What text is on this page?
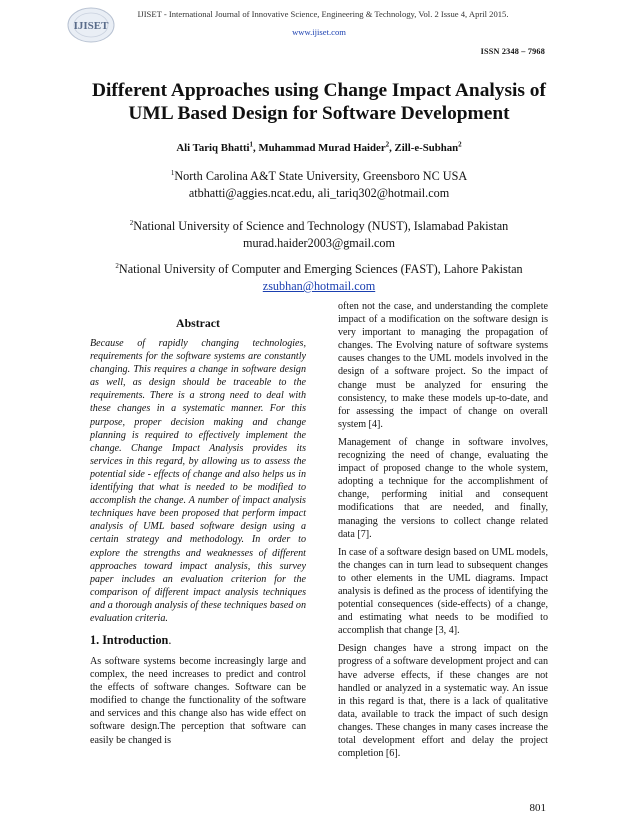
IJISET
IJISET - International Journal of Innovative Science, Engineering & Technology, Vol. 2 Issue 4, April 2015.
www.ijiset.com
ISSN 2348 – 7968
Different Approaches using Change Impact Analysis of
UML Based Design for Software Development
Ali Tariq Bhatti$^1$, Muhammad Murad Haider$^2$, Zill-e-Subhan$^2$
$^1$North Carolina A&T State University, Greensboro NC USA
atbhatti@aggies.ncat.edu, ali_tariq302@hotmail.com
$^2$National University of Science and Technology (NUST), Islamabad Pakistan
murad.haider2003@gmail.com
$^2$National University of Computer and Emerging Sciences (FAST), Lahore Pakistan
zsubhan@hotmail.com
Abstract

Because of rapidly changing technologies, requirements for the software systems are constantly changing. This requires a change in software design as well, as design should be traceable to the requirements. There is a strong need to deal with these changes in a systematic manner. For this purpose, proper decision making and change planning is required to effectively implement the change. Change Impact Analysis provides its services in this regard, by allowing us to assess the potential side - effects of change and also helps us in identifying that what is needed to be modified to accomplish the change. A number of impact analysis techniques have been proposed that perform impact analysis of UML based software design using a certain strategy and methodology. In order to explore the strengths and weaknesses of different approaches toward impact analysis, this survey paper includes an evaluation criterion for the comparison of different impact analysis techniques and a thorough analysis of these techniques based on evaluation criteria.

1. Introduction.

As software systems become increasingly large and complex, the need increases to predict and control the effects of software changes. Software can be modified to change the functionality of the software and services and this change also has wide effect on software design.The perception that software can easily be changed is

often not the case, and understanding the complete impact of a modification on the software design is very important to managing the propagation of changes. The Evolving nature of software systems causes changes to the UML models involved in the design of a software project. So the impact of change must be analyzed for ensuring the consistency, to make these models up-to-date, and for assessing the impact of change on overall system [4].

Management of change in software involves, recognizing the need of change, evaluating the impact of proposed change to the whole system, adopting a technique for the accomplishment of change, performing initial and consequent modifications that are needed, and finally, managing the versions to collect change related data [7].

In case of a software design based on UML models, the changes can in turn lead to subsequent changes to other elements in the UML diagrams. Impact analysis is defined as the process of identifying the potential consequences (side-effects) of a change, and estimating what needs to be modified to accomplish that change [3, 4].

Design changes have a strong impact on the progress of a software development project and can have adverse effects, if these changes are not handled or analyzed in a systematic way. An issue in this regard is that, there is a lack of qualitative data, available to track the impact of such design changes. These changes in many cases increase the total development effort and delay the project completion [6].

801
